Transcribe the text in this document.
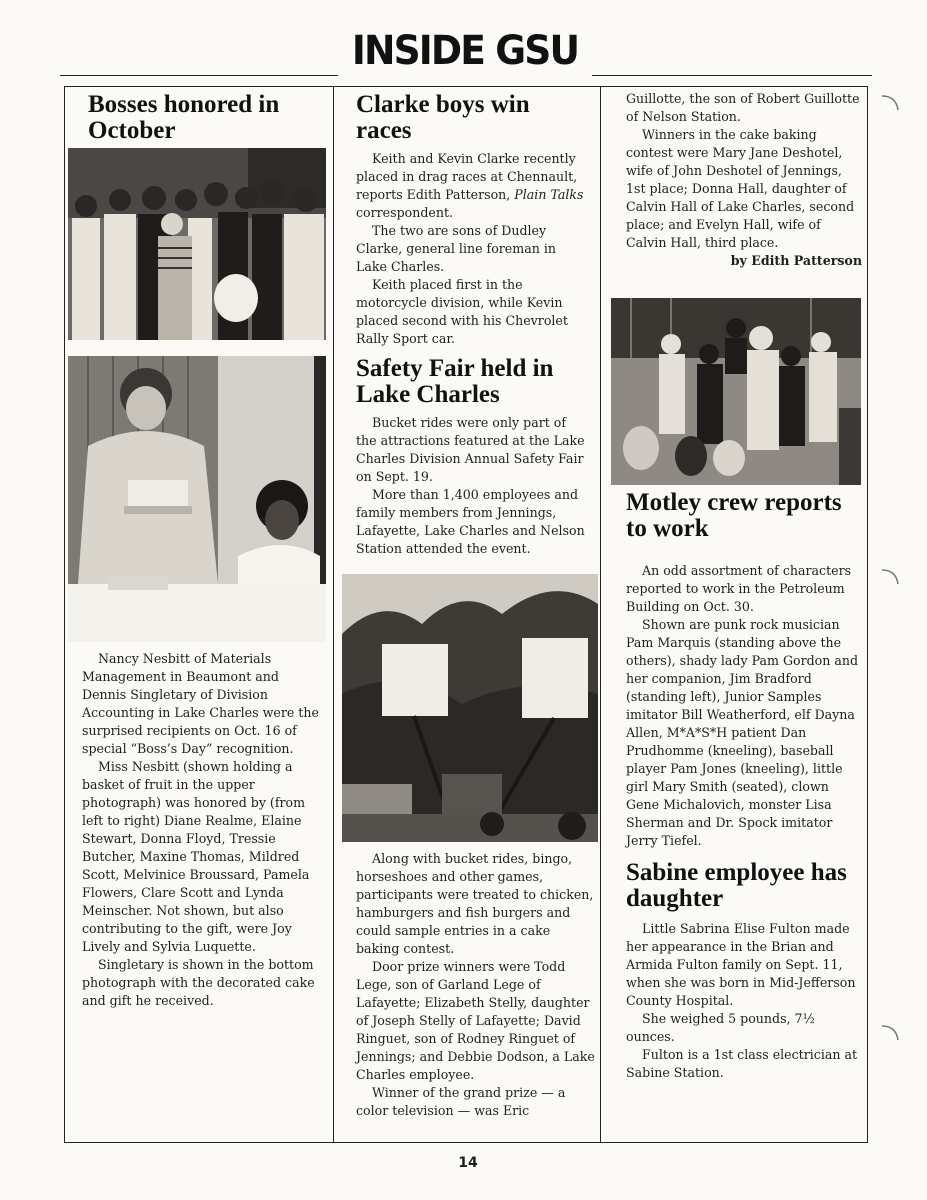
INSIDE GSU
Bosses honored in October

Nancy Nesbitt of Materials Management in Beaumont and Dennis Singletary of Division Accounting in Lake Charles were the surprised recipients on Oct. 16 of special “Boss’s Day” recognition.

Miss Nesbitt (shown holding a basket of fruit in the upper photograph) was honored by (from left to right) Diane Realme, Elaine Stewart, Donna Floyd, Tressie Butcher, Maxine Thomas, Mildred Scott, Melvinice Broussard, Pamela Flowers, Clare Scott and Lynda Meinscher. Not shown, but also contributing to the gift, were Joy Lively and Sylvia Luquette.

Singletary is shown in the bottom photograph with the decorated cake and gift he received.

Clarke boys win races

Keith and Kevin Clarke recently placed in drag races at Chennault, reports Edith Patterson, Plain Talks correspondent.

The two are sons of Dudley Clarke, general line foreman in Lake Charles.

Keith placed first in the motorcycle division, while Kevin placed second with his Chevrolet Rally Sport car.

Safety Fair held in Lake Charles

Bucket rides were only part of the attractions featured at the Lake Charles Division Annual Safety Fair on Sept. 19.

More than 1,400 employees and family members from Jennings, Lafayette, Lake Charles and Nelson Station attended the event.

Along with bucket rides, bingo, horseshoes and other games, participants were treated to chicken, hamburgers and fish burgers and could sample entries in a cake baking contest.

Door prize winners were Todd Lege, son of Garland Lege of Lafayette; Elizabeth Stelly, daughter of Joseph Stelly of Lafayette; David Ringuet, son of Rodney Ringuet of Jennings; and Debbie Dodson, a Lake Charles employee.

Winner of the grand prize — a color television — was Eric

Guillotte, the son of Robert Guillotte of Nelson Station.

Winners in the cake baking contest were Mary Jane Deshotel, wife of John Deshotel of Jennings, 1st place; Donna Hall, daughter of Calvin Hall of Lake Charles, second place; and Evelyn Hall, wife of Calvin Hall, third place.

by Edith Patterson

Motley crew reports to work

An odd assortment of characters reported to work in the Petroleum Building on Oct. 30.

Shown are punk rock musician Pam Marquis (standing above the others), shady lady Pam Gordon and her companion, Jim Bradford (standing left), Junior Samples imitator Bill Weatherford, elf Dayna Allen, M*A*S*H patient Dan Prudhomme (kneeling), baseball player Pam Jones (kneeling), little girl Mary Smith (seated), clown Gene Michalovich, monster Lisa Sherman and Dr. Spock imitator Jerry Tiefel.

Sabine employee has daughter

Little Sabrina Elise Fulton made her appearance in the Brian and Armida Fulton family on Sept. 11, when she was born in Mid-Jefferson County Hospital.

She weighed 5 pounds, 7½ ounces.

Fulton is a 1st class electrician at Sabine Station.

14
